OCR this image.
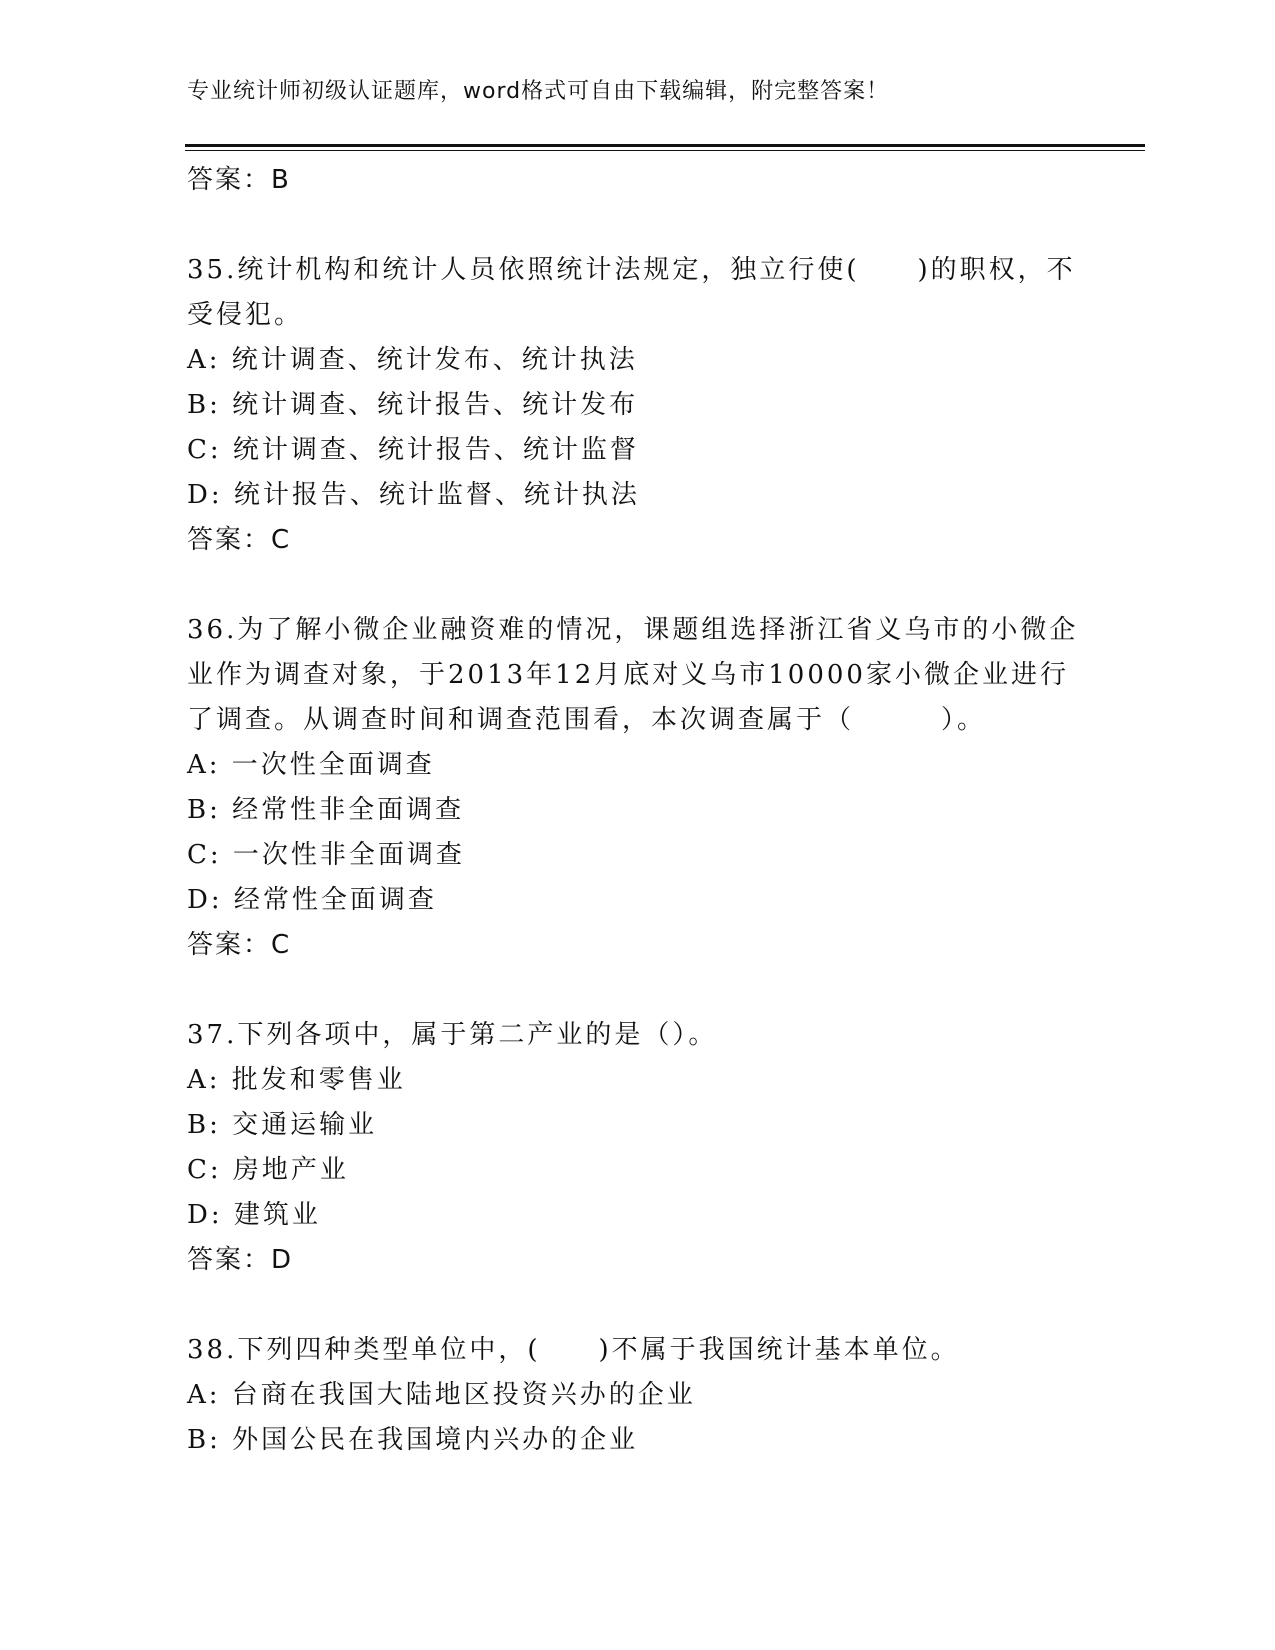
专业统计师初级认证题库，word格式可自由下载编辑，附完整答案！
答案：B
35.统计机构和统计人员依照统计法规定，独立行使(　　)的职权，不
受侵犯。
A: 统计调查、统计发布、统计执法
B: 统计调查、统计报告、统计发布
C: 统计调查、统计报告、统计监督
D: 统计报告、统计监督、统计执法
答案：C
36.为了解小微企业融资难的情况，课题组选择浙江省义乌市的小微企
业作为调查对象，于2013年12月底对义乌市10000家小微企业进行
了调查。从调查时间和调查范围看，本次调查属于（　　　）。
A: 一次性全面调查
B: 经常性非全面调查
C: 一次性非全面调查
D: 经常性全面调查
答案：C
37.下列各项中，属于第二产业的是（）。
A: 批发和零售业
B: 交通运输业
C: 房地产业
D: 建筑业
答案：D
38.下列四种类型单位中，(　　)不属于我国统计基本单位。
A: 台商在我国大陆地区投资兴办的企业
B: 外国公民在我国境内兴办的企业
